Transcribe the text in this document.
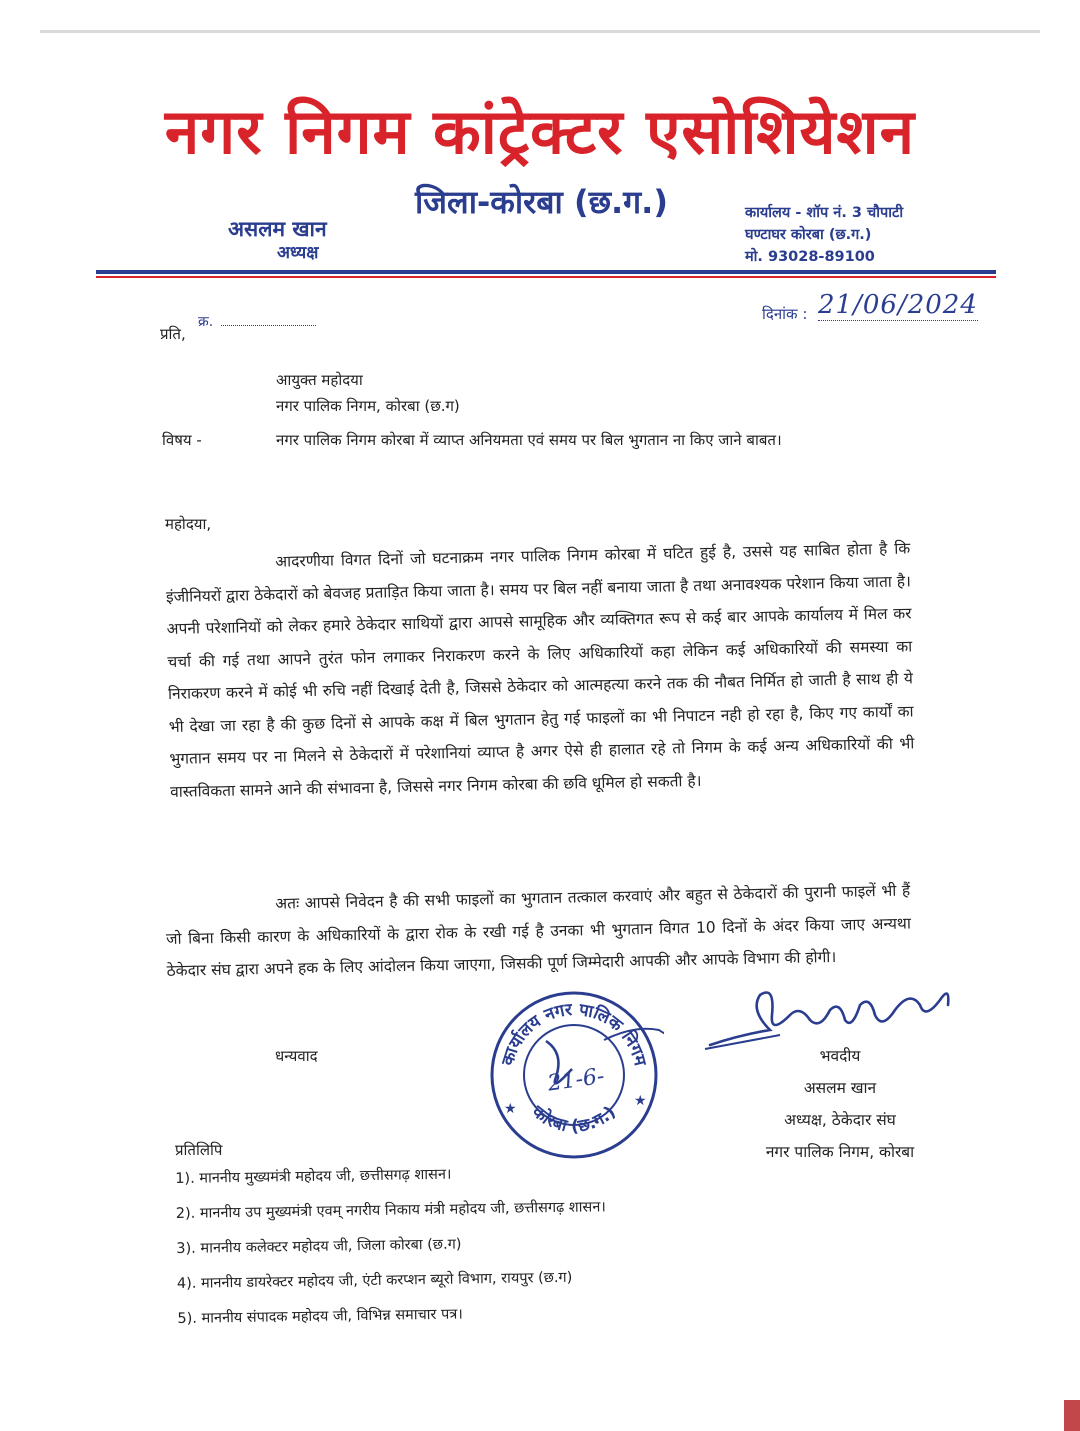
नगर निगम कांट्रेक्टर एसोशियेशन
जिला-कोरबा (छ.ग.)
असलम खान
अध्यक्ष
कार्यालय - शॉप नं. 3 चौपाटी
घण्टाघर कोरबा (छ.ग.)
मो. 93028-89100
क्र.
प्रति,
दिनांक : 21/06/2024
आयुक्त महोदया
नगर पालिक निगम, कोरबा (छ.ग)
विषय -	नगर पालिक निगम कोरबा में व्याप्त अनियमता एवं समय पर बिल भुगतान ना किए जाने बाबत।
महोदया,
आदरणीया विगत दिनों जो घटनाक्रम नगर पालिक निगम कोरबा में घटित हुई है, उससे यह साबित होता है कि इंजीनियरों द्वारा ठेकेदारों को बेवजह प्रताड़ित किया जाता है। समय पर बिल नहीं बनाया जाता है तथा अनावश्यक परेशान किया जाता है। अपनी परेशानियों को लेकर हमारे ठेकेदार साथियों द्वारा आपसे सामूहिक और व्यक्तिगत रूप से कई बार आपके कार्यालय में मिल कर चर्चा की गई तथा आपने तुरंत फोन लगाकर निराकरण करने के लिए अधिकारियों कहा लेकिन कई अधिकारियों की समस्या का निराकरण करने में कोई भी रुचि नहीं दिखाई देती है, जिससे ठेकेदार को आत्महत्या करने तक की नौबत निर्मित हो जाती है साथ ही ये भी देखा जा रहा है की कुछ दिनों से आपके कक्ष में बिल भुगतान हेतु गई फाइलों का भी निपाटन नही हो रहा है, किए गए कार्यों का भुगतान समय पर ना मिलने से ठेकेदारों में परेशानियां व्याप्त है अगर ऐसे ही हालात रहे तो निगम के कई अन्य अधिकारियों की भी वास्तविकता सामने आने की संभावना है, जिससे नगर निगम कोरबा की छवि धूमिल हो सकती है।
अतः आपसे निवेदन है की सभी फाइलों का भुगतान तत्काल करवाएं और बहुत से ठेकेदारों की पुरानी फाइलें भी हैं जो बिना किसी कारण के अधिकारियों के द्वारा रोक के रखी गई है उनका भी भुगतान विगत 10 दिनों के अंदर किया जाए अन्यथा ठेकेदार संघ द्वारा अपने हक के लिए आंदोलन किया जाएगा, जिसकी पूर्ण जिम्मेदारी आपकी और आपके विभाग की होगी।
धन्यवाद	कार्यालय नगर पालिक निगम
कोरबा (छ.ग.)
21-6-
★	★
भवदीय
असलम खान
अध्यक्ष, ठेकेदार संघ
नगर पालिक निगम, कोरबा
प्रतिलिपि
1). माननीय मुख्यमंत्री महोदय जी, छत्तीसगढ़ शासन।
2). माननीय उप मुख्यमंत्री एवम् नगरीय निकाय मंत्री महोदय जी, छत्तीसगढ़ शासन।
3). माननीय कलेक्टर महोदय जी, जिला कोरबा (छ.ग)
4). माननीय डायरेक्टर महोदय जी, एंटी करप्शन ब्यूरो विभाग, रायपुर (छ.ग)
5). माननीय संपादक महोदय जी, विभिन्न समाचार पत्र।
